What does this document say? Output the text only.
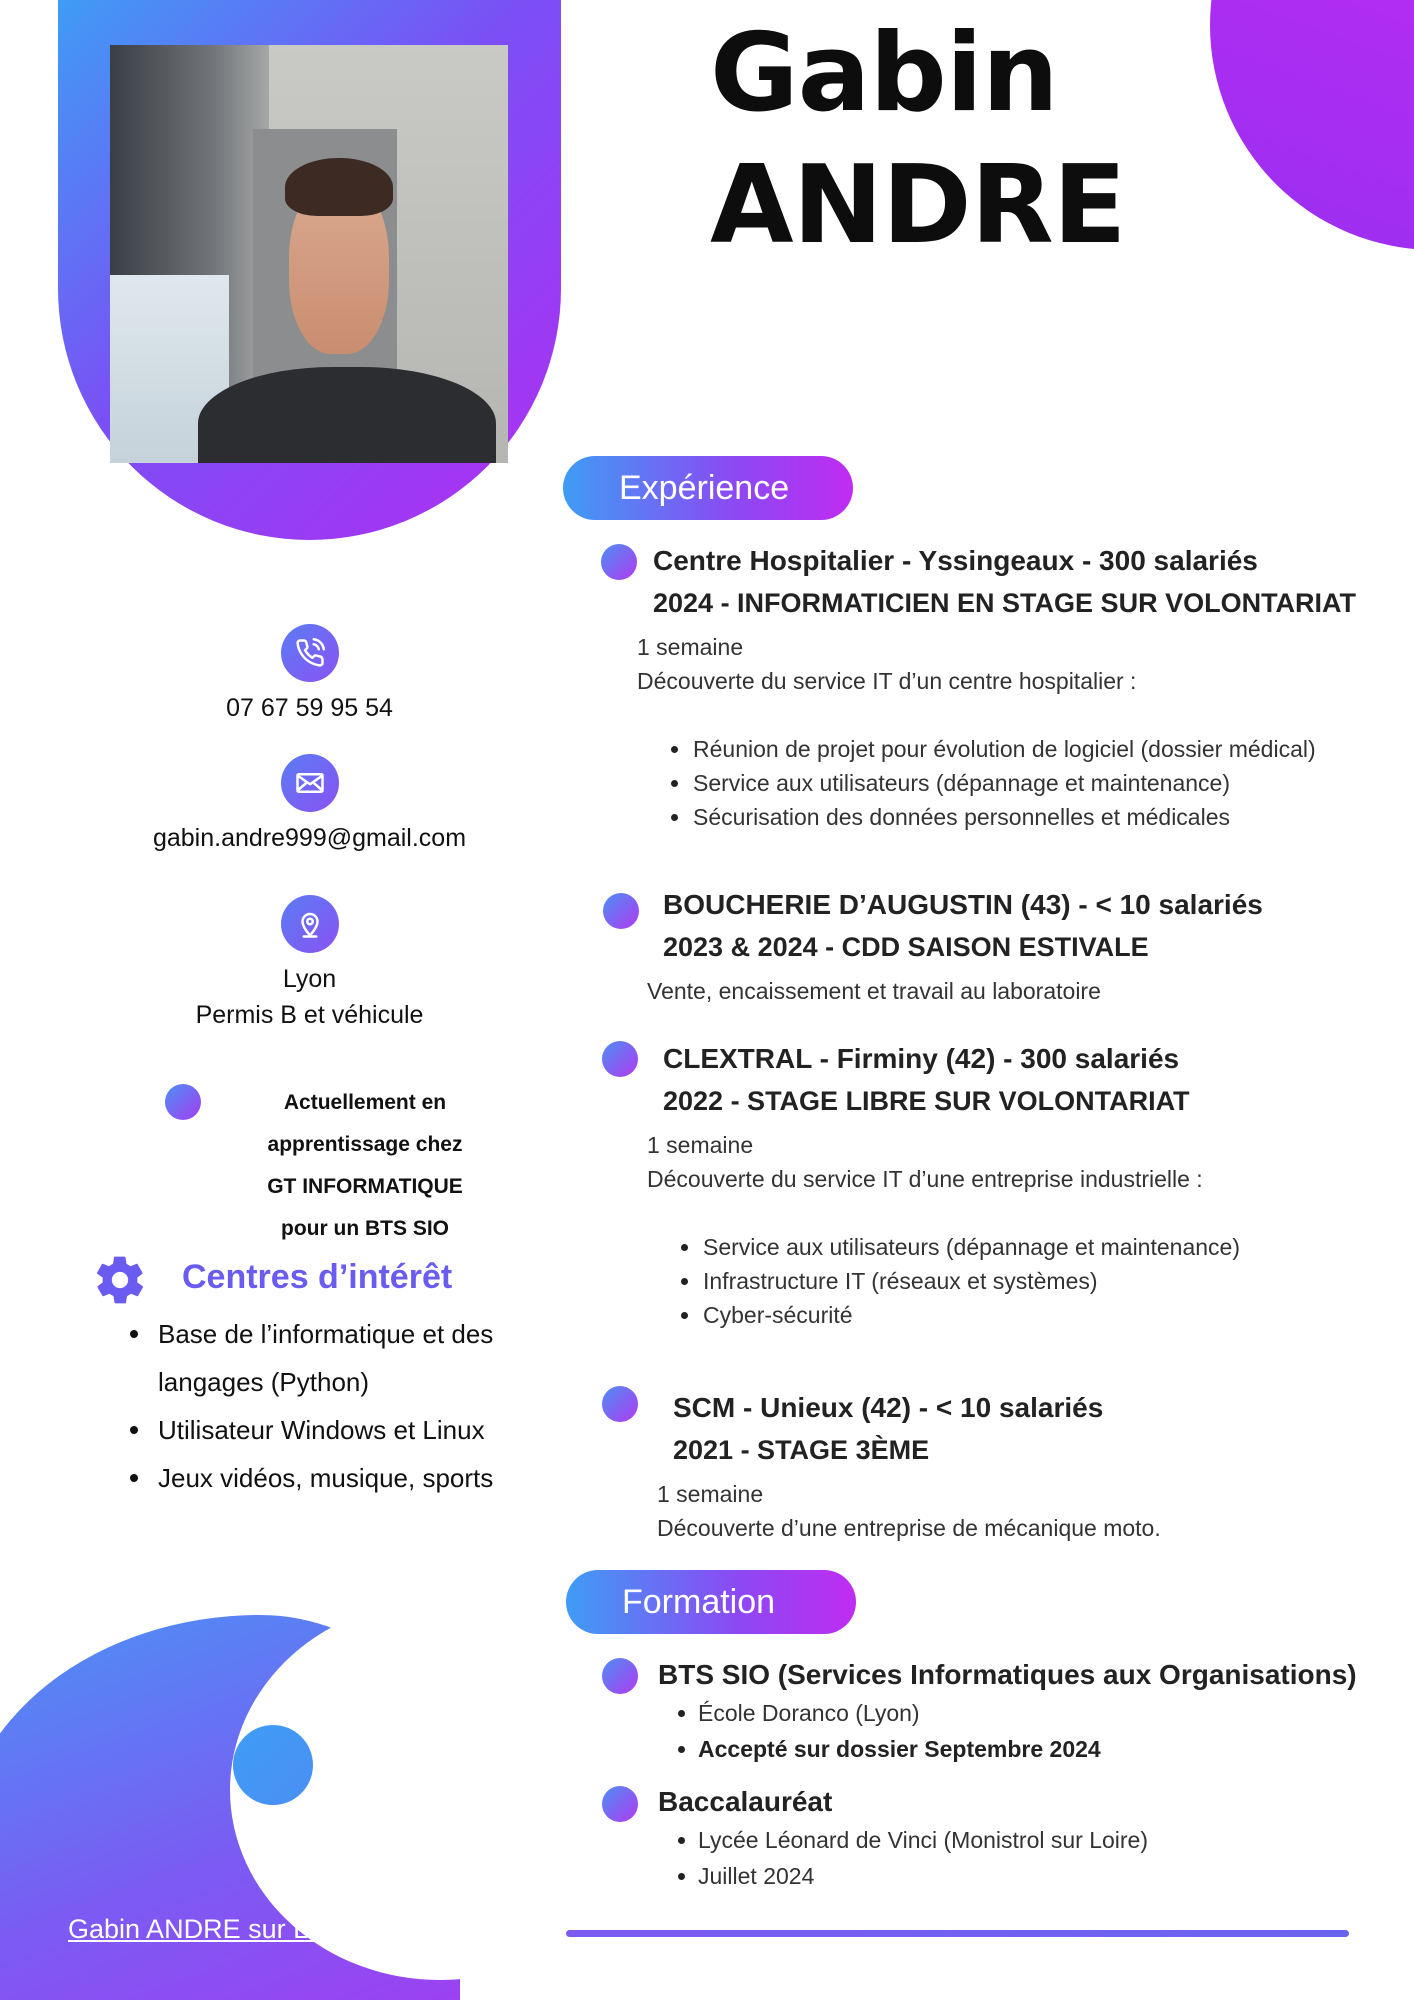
Gabin
ANDRE
07 67 59 95 54
gabin.andre999@gmail.com
Lyon
Permis B et véhicule
Actuellement en
apprentissage chez
GT INFORMATIQUE
pour un BTS SIO
Centres d’intérêt
Base de l’informatique et des
langages (Python)
Utilisateur Windows et Linux
Jeux vidéos, musique, sports
Gabin ANDRE sur LinkdIn
Expérience
Centre Hospitalier - Yssingeaux - 300 salariés
2024 - INFORMATICIEN EN STAGE SUR VOLONTARIAT
1 semaine
Découverte du service IT d’un centre hospitalier :
Réunion de projet pour évolution de logiciel (dossier médical)
Service aux utilisateurs (dépannage et maintenance)
Sécurisation des données personnelles et médicales
BOUCHERIE D’AUGUSTIN (43) - < 10 salariés
2023 & 2024 - CDD SAISON ESTIVALE
Vente, encaissement et travail au laboratoire
CLEXTRAL - Firminy (42) - 300 salariés
2022 - STAGE LIBRE SUR VOLONTARIAT
1 semaine
Découverte du service IT d’une entreprise industrielle :
Service aux utilisateurs (dépannage et maintenance)
Infrastructure IT (réseaux et systèmes)
Cyber-sécurité
SCM - Unieux (42) - < 10 salariés
2021 - STAGE 3ÈME
1 semaine
Découverte d’une entreprise de mécanique moto.
Formation
BTS SIO (Services Informatiques aux Organisations)
École Doranco (Lyon)
Accepté sur dossier Septembre 2024
Baccalauréat
Lycée Léonard de Vinci (Monistrol sur Loire)
Juillet 2024
